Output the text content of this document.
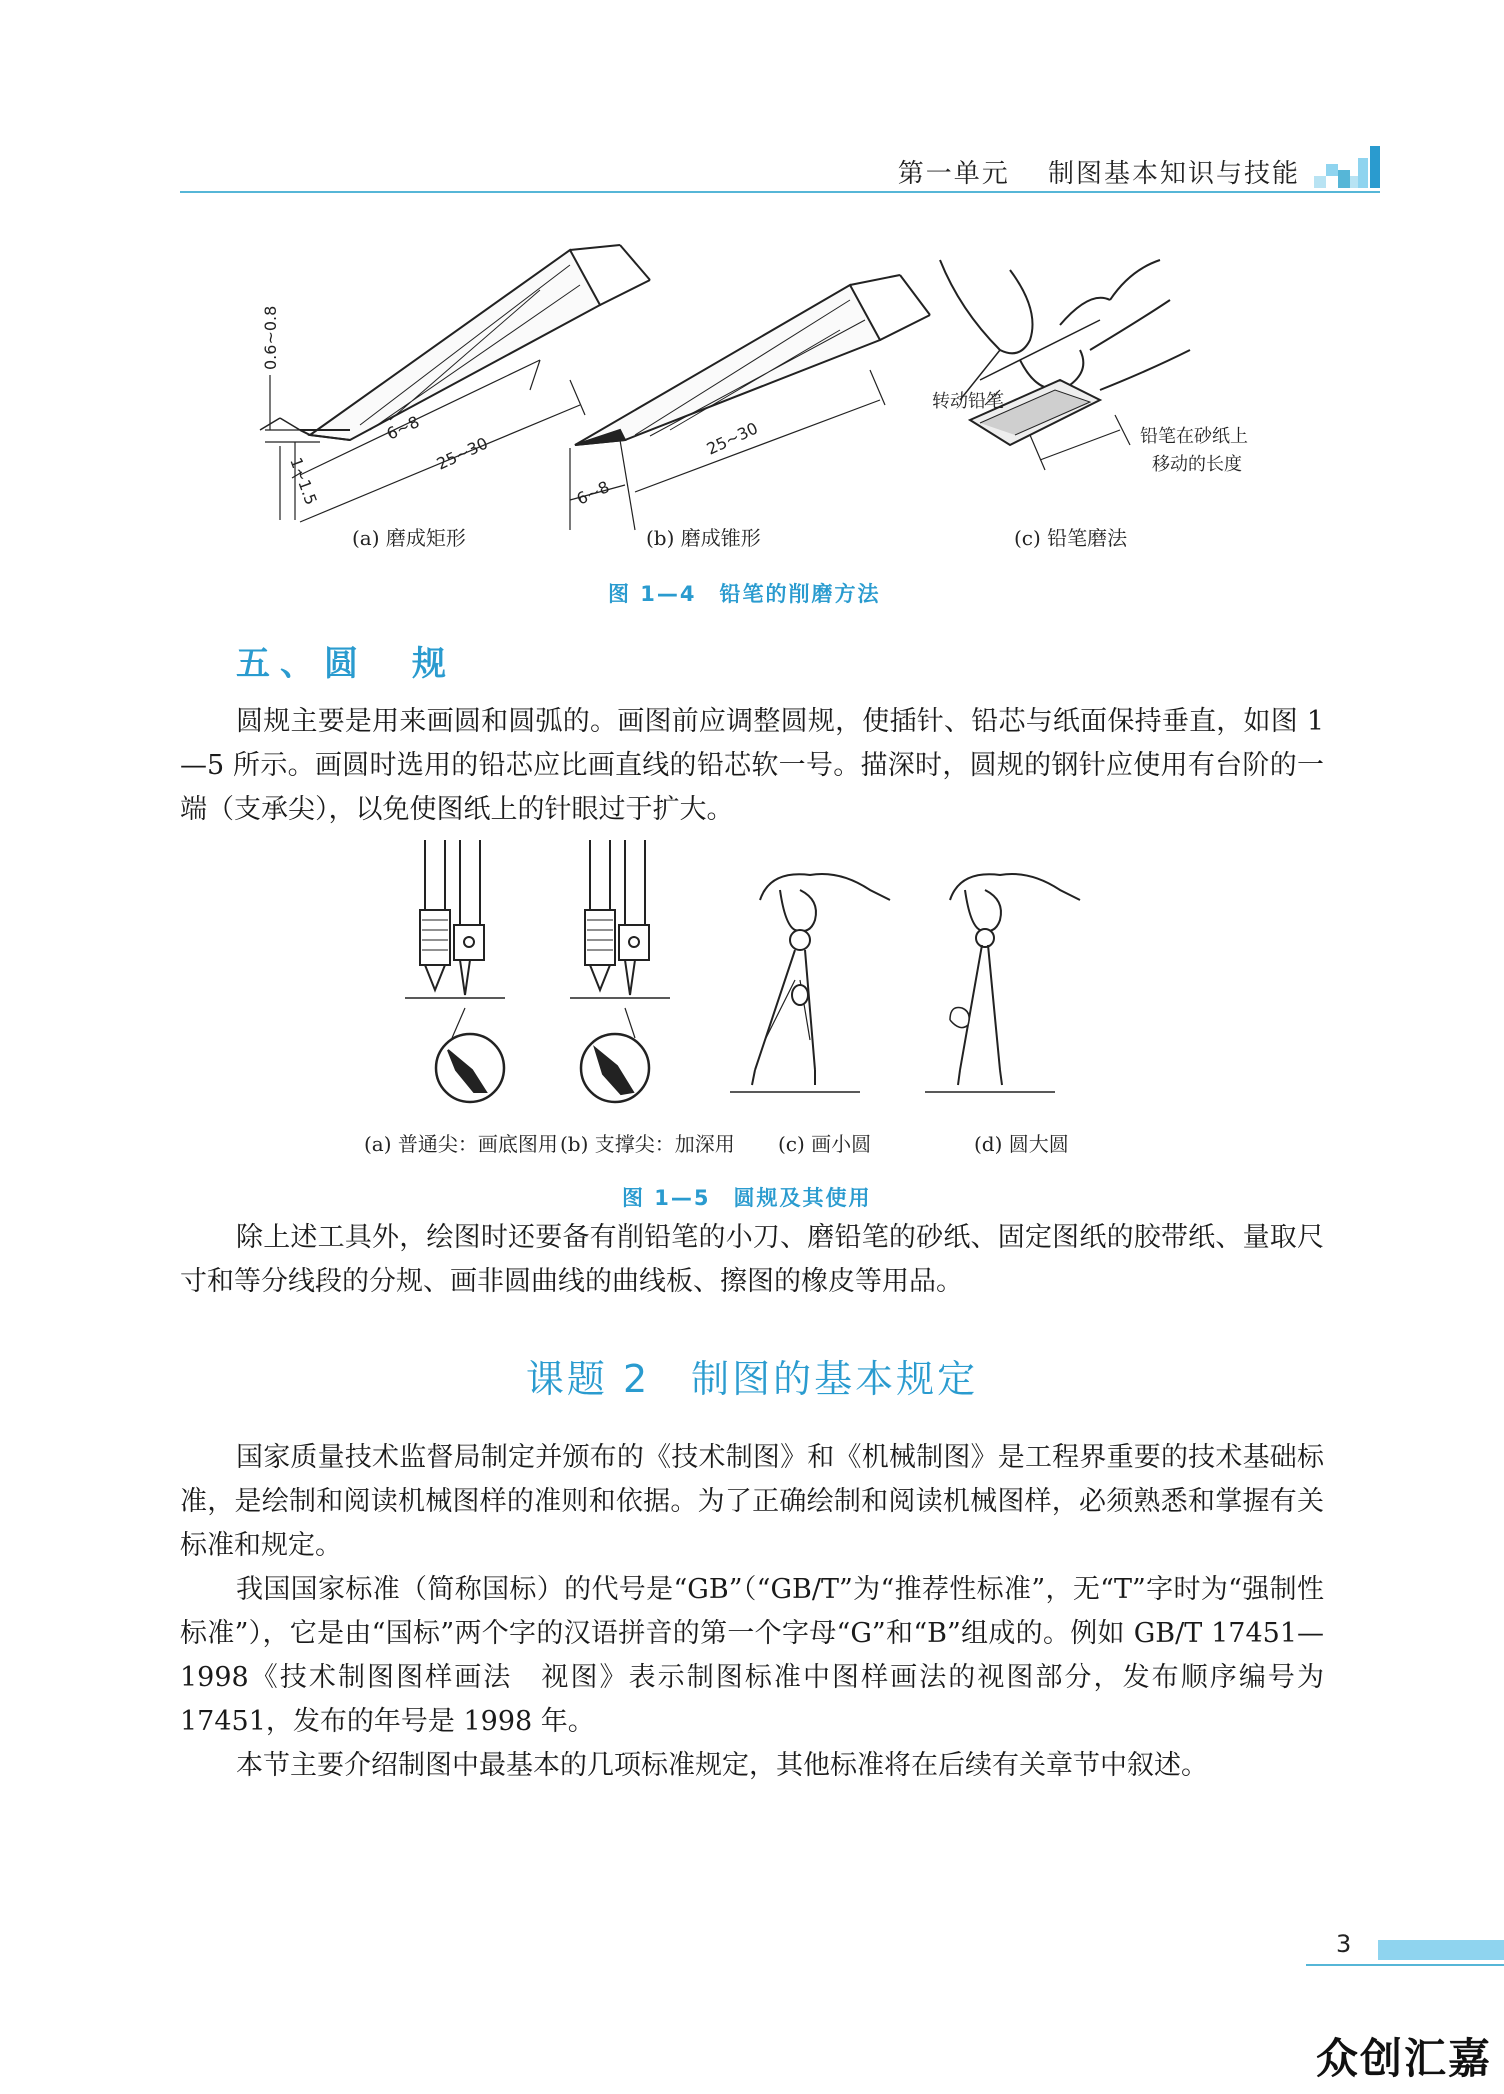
第一单元　 制图基本知识与技能
0.6~0.8
1~1.5
6~8
25~30
6~8
25~30
转动铅笔
铅笔在砂纸上
移动的长度
(a) 磨成矩形	(b) 磨成锥形	(c) 铅笔磨法
图 1—4　铅笔的削磨方法
五、圆　规
圆规主要是用来画圆和圆弧的。画图前应调整圆规，使插针、铅芯与纸面保持垂直，如图 1—5 所示。画圆时选用的铅芯应比画直线的铅芯软一号。描深时，圆规的钢针应使用有台阶的一端（支承尖），以免使图纸上的针眼过于扩大。
(a) 普通尖：画底图用 (b) 支撑尖：加深用 (c) 画小圆	(d) 圆大圆
图 1—5　圆规及其使用
除上述工具外，绘图时还要备有削铅笔的小刀、磨铅笔的砂纸、固定图纸的胶带纸、量取尺寸和等分线段的分规、画非圆曲线的曲线板、擦图的橡皮等用品。
课题 2　制图的基本规定
国家质量技术监督局制定并颁布的《技术制图》和《机械制图》是工程界重要的技术基础标准，是绘制和阅读机械图样的准则和依据。为了正确绘制和阅读机械图样，必须熟悉和掌握有关标准和规定。
我国国家标准（简称国标）的代号是“GB”（“GB/T”为“推荐性标准”，无“T”字时为“强制性标准”），它是由“国标”两个字的汉语拼音的第一个字母“G”和“B”组成的。例如 GB/T 17451—1998《技术制图图样画法　视图》表示制图标准中图样画法的视图部分，发布顺序编号为 17451，发布的年号是 1998 年。
本节主要介绍制图中最基本的几项标准规定，其他标准将在后续有关章节中叙述。
3
众创汇嘉
